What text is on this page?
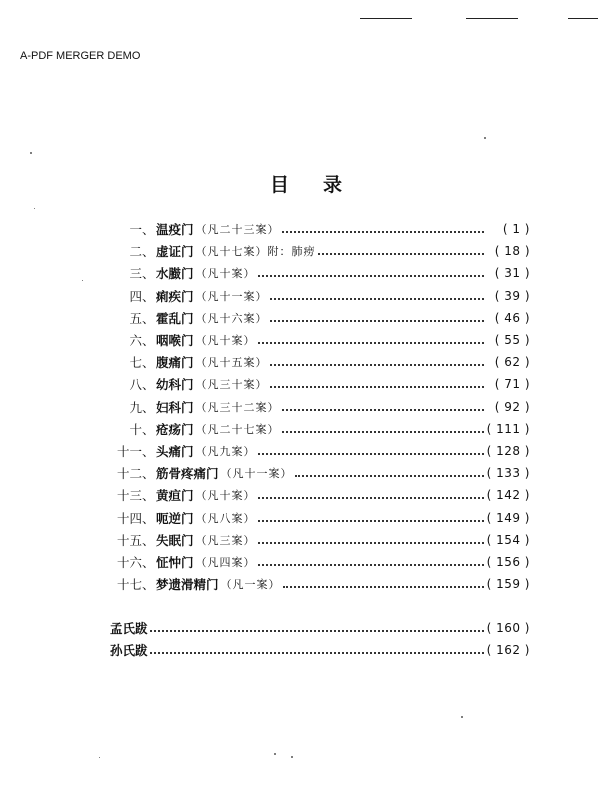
A-PDF MERGER DEMO
目录
一 、 温疫门 （凡二十三案）	( 1 )
二 、 虚证门 （凡十七案） 附：肺痨	( 18 )
三 、 水臌门 （凡十案）	( 31 )
四 、 痢疾门 （凡十一案）	( 39 )
五 、 霍乱门 （凡十六案）	( 46 )
六 、 咽喉门 （凡十案）	( 55 )
七 、 腹痛门 （凡十五案）	( 62 )
八 、 幼科门 （凡三十案）	( 71 )
九 、 妇科门 （凡三十二案）	( 92 )
十 、 疮疡门 （凡二十七案）	( 111 )
十一 、 头痛门 （凡九案）	( 128 )
十二 、 筋骨疼痛门 （凡十一案）	( 133 )
十三 、 黄疸门 （凡十案）	( 142 )
十四 、 呃逆门 （凡八案）	( 149 )
十五 、 失眠门 （凡三案）	( 154 )
十六 、 怔忡门 （凡四案）	( 156 )
十七 、 梦遗滑精门 （凡一案）	( 159 )
孟氏跋	( 160 )
孙氏跋	( 162 )
